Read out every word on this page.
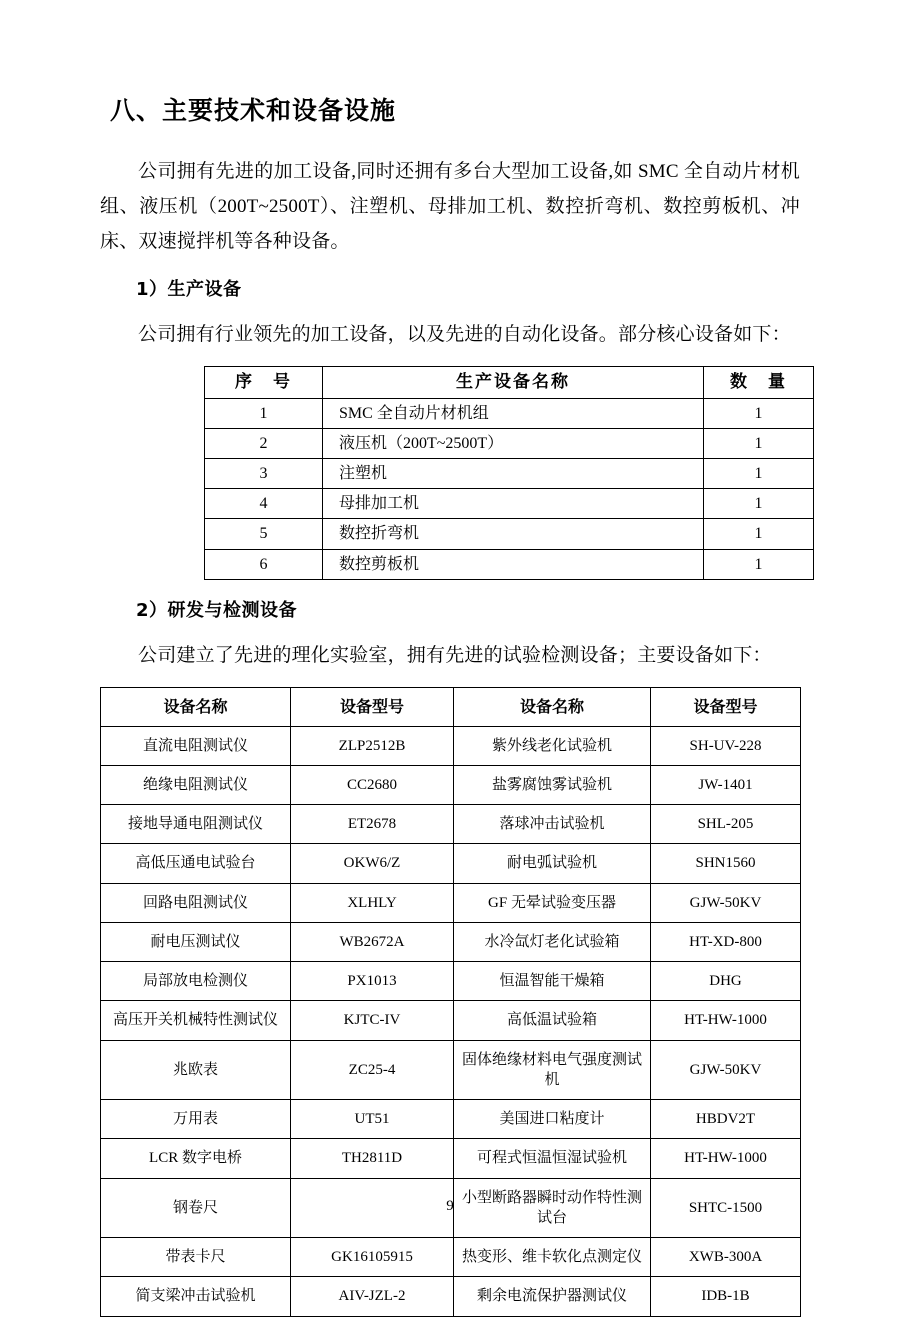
八、主要技术和设备设施

公司拥有先进的加工设备,同时还拥有多台大型加工设备,如 SMC 全自动片材机组、液压机（200T~2500T）、注塑机、母排加工机、数控折弯机、数控剪板机、冲床、双速搅拌机等各种设备。

1）生产设备

公司拥有行业领先的加工设备，以及先进的自动化设备。部分核心设备如下：

序　号	生产设备名称	数　量
1	SMC 全自动片材机组	1
2	液压机（200T~2500T）	1
3	注塑机	1
4	母排加工机	1
5	数控折弯机	1
6	数控剪板机	1
2）研发与检测设备

公司建立了先进的理化实验室，拥有先进的试验检测设备；主要设备如下：

设备名称	设备型号	设备名称	设备型号
直流电阻测试仪	ZLP2512B	紫外线老化试验机	SH-UV-228
绝缘电阻测试仪	CC2680	盐雾腐蚀雾试验机	JW-1401
接地导通电阻测试仪	ET2678	落球冲击试验机	SHL-205
高低压通电试验台	OKW6/Z	耐电弧试验机	SHN1560
回路电阻测试仪	XLHLY	GF 无晕试验变压器	GJW-50KV
耐电压测试仪	WB2672A	水冷氙灯老化试验箱	HT-XD-800
局部放电检测仪	PX1013	恒温智能干燥箱	DHG
高压开关机械特性测试仪	KJTC-IV	高低温试验箱	HT-HW-1000
兆欧表	ZC25-4	固体绝缘材料电气强度测试机	GJW-50KV
万用表	UT51	美国进口粘度计	HBDV2T
LCR 数字电桥	TH2811D	可程式恒温恒湿试验机	HT-HW-1000
钢卷尺		小型断路器瞬时动作特性测试台	SHTC-1500
带表卡尺	GK16105915	热变形、维卡软化点测定仪	XWB-300A
简支梁冲击试验机	AIV-JZL-2	剩余电流保护器测试仪	IDB-1B
9
